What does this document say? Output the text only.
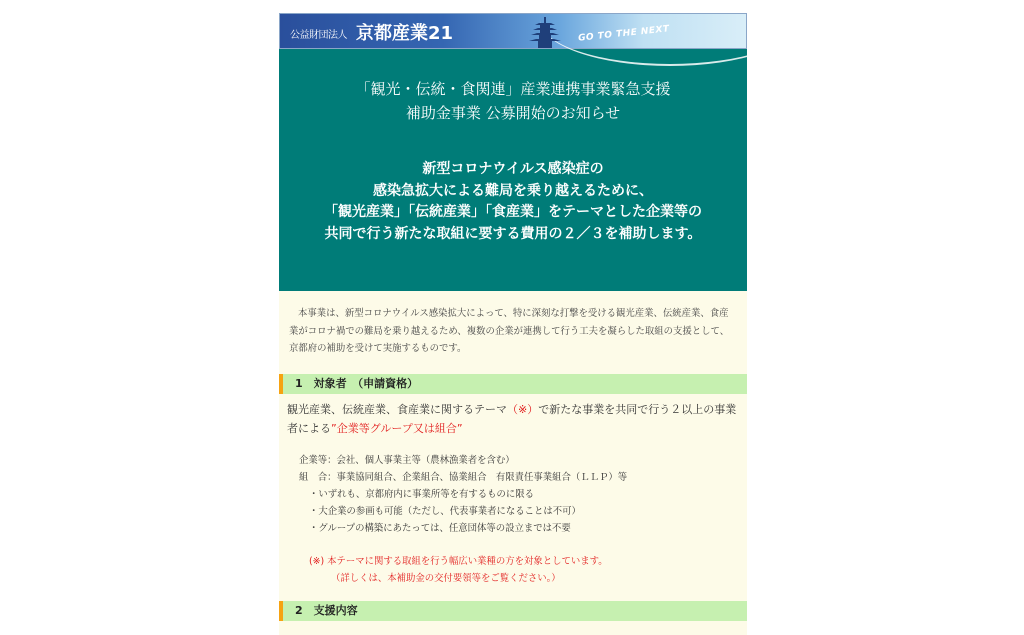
公益財団法人 京都産業21	GO TO THE NEXT

「観光・伝統・食関連」産業連携事業緊急支援
補助金事業 公募開始のお知らせ

新型コロナウイルス感染症の
感染急拡大による難局を乗り越えるために、
「観光産業」「伝統産業」「食産業」をテーマとした企業等の
共同で行う新たな取組に要する費用の２／３を補助します。

本事業は、新型コロナウイルス感染拡大によって、特に深刻な打撃を受ける観光産業、伝統産業、食産業がコロナ禍での難局を乗り越えるため、複数の企業が連携して行う工夫を凝らした取組の支援として、京都府の補助を受けて実施するものです。

1　対象者　（申請資格）
観光産業、伝統産業、食産業に関するテーマ（※）で新たな事業を共同で行う２以上の事業者による”企業等グループ又は組合”
企業等：会社、個人事業主等（農林漁業者を含む）
組　合：事業協同組合、企業組合、協業組合　有限責任事業組合（ＬＬＰ）等
・いずれも、京都府内に事業所等を有するものに限る
・大企業の参画も可能（ただし、代表事業者になることは不可）
・グループの構築にあたっては、任意団体等の設立までは不要
(※) 本テーマに関する取組を行う幅広い業種の方を対象としています。
（詳しくは、本補助金の交付要領等をご覧ください。）
2　支援内容
